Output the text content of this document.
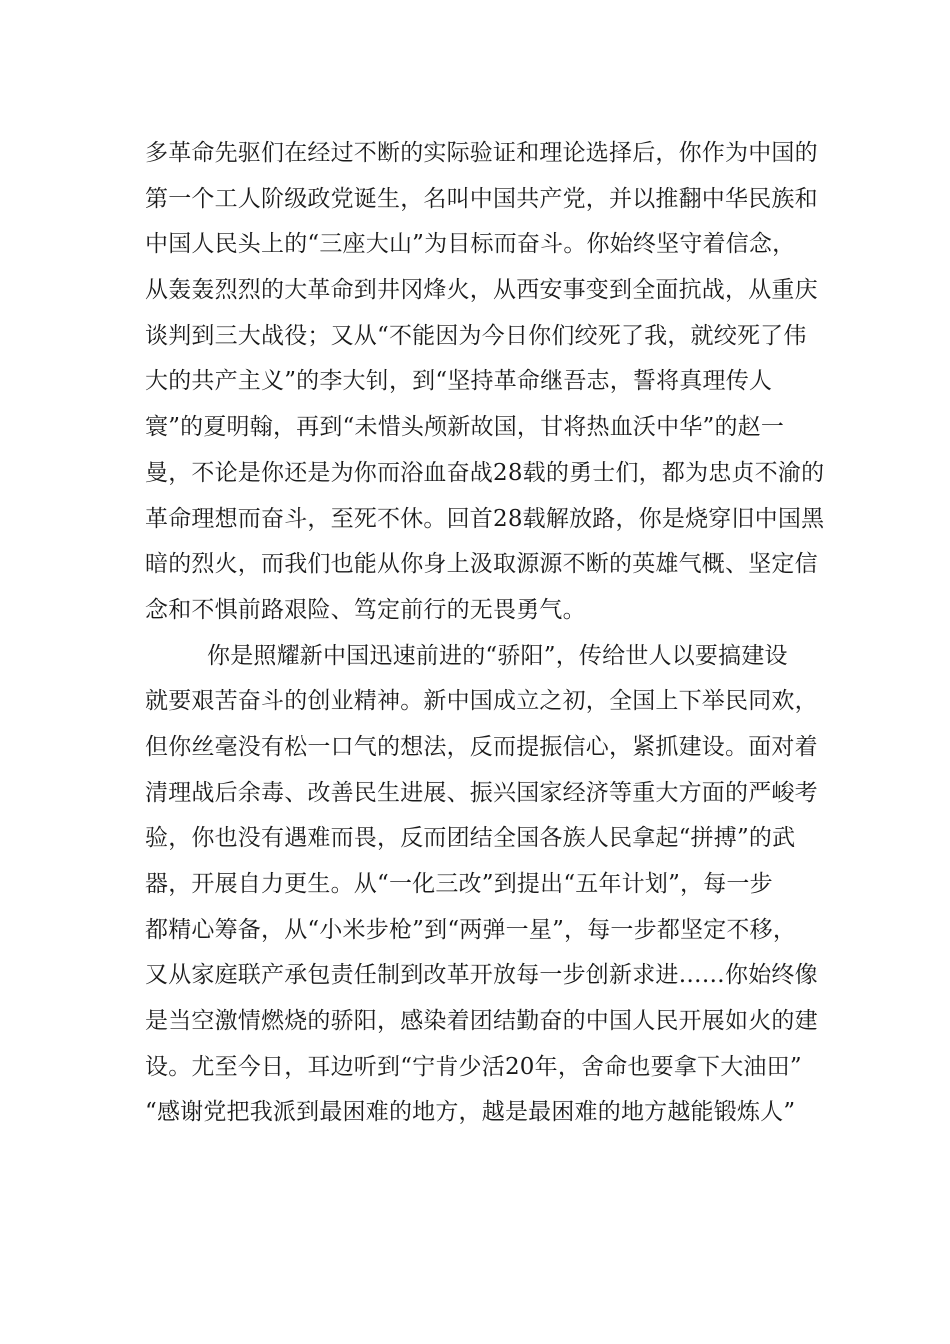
多革命先驱们在经过不断的实际验证和理论选择后，你作为中国的
第一个工人阶级政党诞生，名叫中国共产党，并以推翻中华民族和
中国人民头上的“三座大山”为目标而奋斗。你始终坚守着信念，
从轰轰烈烈的大革命到井冈烽火，从西安事变到全面抗战，从重庆
谈判到三大战役；又从“不能因为今日你们绞死了我，就绞死了伟
大的共产主义”的李大钊，到“坚持革命继吾志，誓将真理传人
寰”的夏明翰，再到“未惜头颅新故国，甘将热血沃中华”的赵一
曼，不论是你还是为你而浴血奋战28载的勇士们，都为忠贞不渝的
革命理想而奋斗，至死不休。回首28载解放路，你是烧穿旧中国黑
暗的烈火，而我们也能从你身上汲取源源不断的英雄气概、坚定信
念和不惧前路艰险、笃定前行的无畏勇气。
你是照耀新中国迅速前进的“骄阳”，传给世人以要搞建设
就要艰苦奋斗的创业精神。新中国成立之初，全国上下举民同欢，
但你丝毫没有松一口气的想法，反而提振信心，紧抓建设。面对着
清理战后余毒、改善民生进展、振兴国家经济等重大方面的严峻考
验，你也没有遇难而畏，反而团结全国各族人民拿起“拼搏”的武
器，开展自力更生。从“一化三改”到提出“五年计划”，每一步
都精心筹备，从“小米步枪”到“两弹一星”，每一步都坚定不移，
又从家庭联产承包责任制到改革开放每一步创新求进……你始终像
是当空激情燃烧的骄阳，感染着团结勤奋的中国人民开展如火的建
设。尤至今日，耳边听到“宁肯少活20年，舍命也要拿下大油田”
“感谢党把我派到最困难的地方，越是最困难的地方越能锻炼人”
